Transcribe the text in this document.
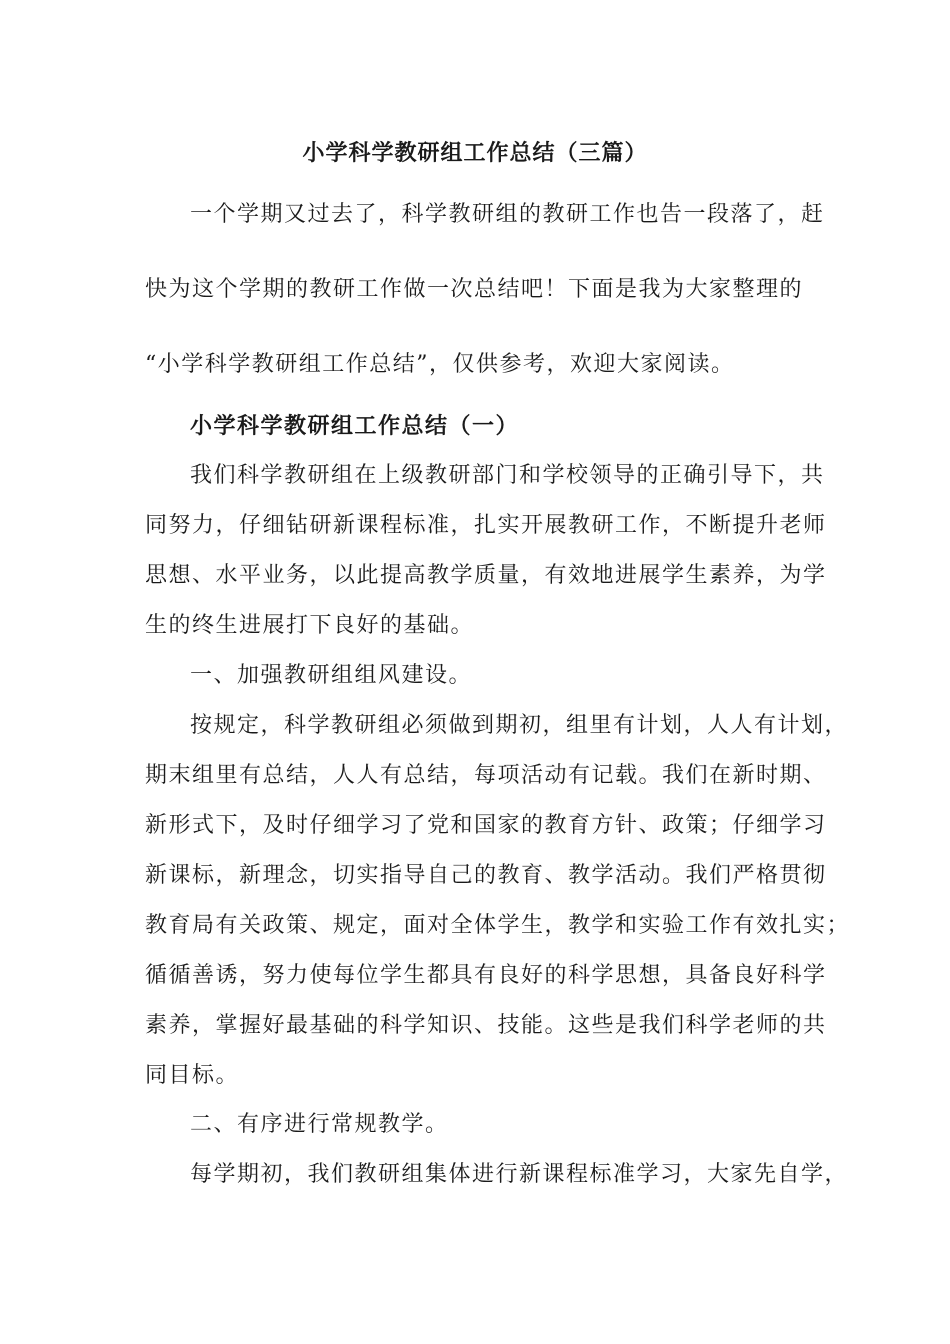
小学科学教研组工作总结（三篇）
一个学期又过去了，科学教研组的教研工作也告一段落了，赶
快为这个学期的教研工作做一次总结吧！下面是我为大家整理的
“小学科学教研组工作总结”，仅供参考，欢迎大家阅读。
小学科学教研组工作总结（一）
我们科学教研组在上级教研部门和学校领导的正确引导下，共
同努力，仔细钻研新课程标准，扎实开展教研工作，不断提升老师
思想、水平业务，以此提高教学质量，有效地进展学生素养，为学
生的终生进展打下良好的基础。
一、加强教研组组风建设。
按规定，科学教研组必须做到期初，组里有计划，人人有计划，
期末组里有总结，人人有总结，每项活动有记载。我们在新时期、
新形式下，及时仔细学习了党和国家的教育方针、政策；仔细学习
新课标，新理念，切实指导自己的教育、教学活动。我们严格贯彻
教育局有关政策、规定，面对全体学生，教学和实验工作有效扎实；
循循善诱，努力使每位学生都具有良好的科学思想，具备良好科学
素养，掌握好最基础的科学知识、技能。这些是我们科学老师的共
同目标。
二、有序进行常规教学。
每学期初，我们教研组集体进行新课程标准学习，大家先自学，
